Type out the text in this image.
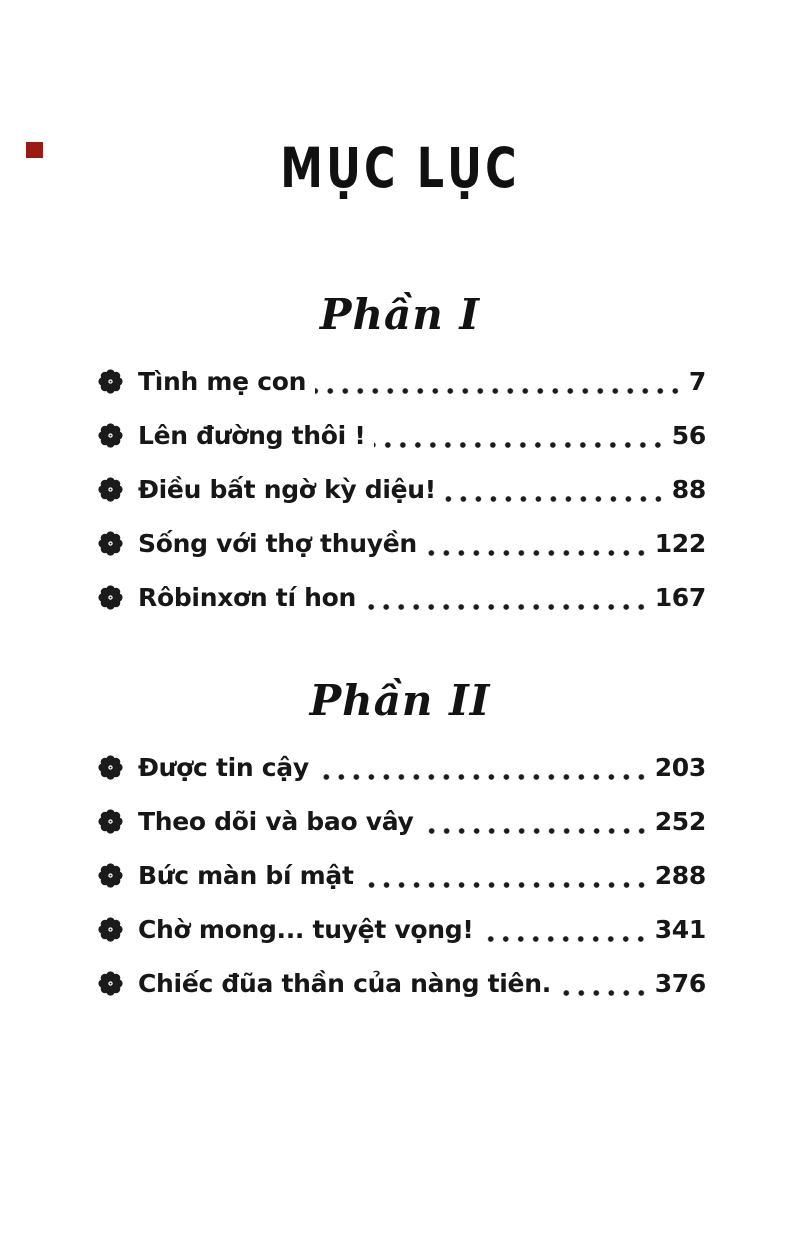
MỤC LỤC
Phần I
Tình mẹ con	7
Lên đường thôi !	56
Điều bất ngờ kỳ diệu!	88
Sống với thợ thuyền	122
Rôbinxơn tí hon	167
Phần II
Được tin cậy	203
Theo dõi và bao vây	252
Bức màn bí mật	288
Chờ mong... tuyệt vọng!	341
Chiếc đũa thần của nàng tiên.	376
